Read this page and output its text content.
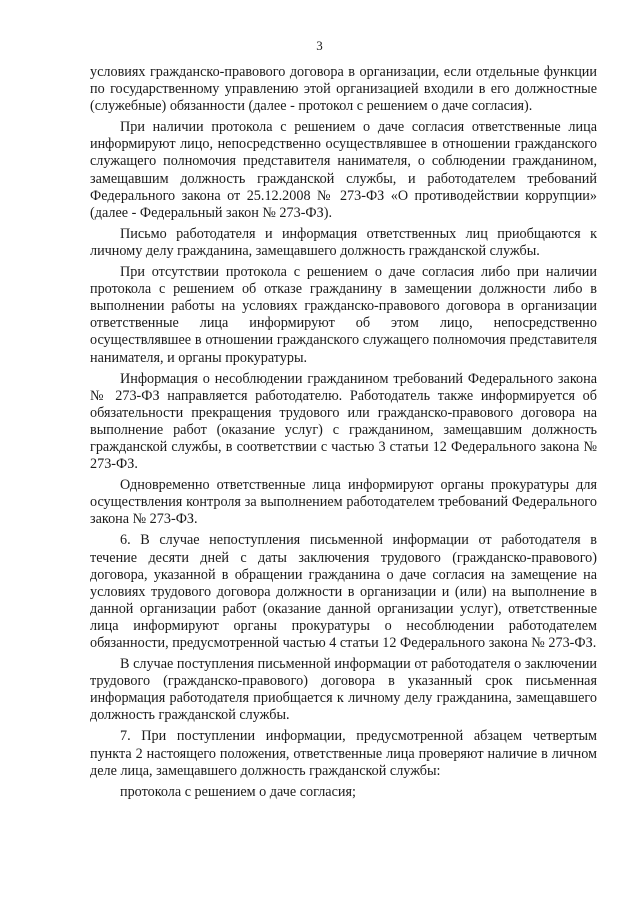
3

условиях гражданско-правового договора в организации, если отдельные функции по государственному управлению этой организацией входили в его должностные (служебные) обязанности (далее - протокол с решением о даче согласия).

При наличии протокола с решением о даче согласия ответственные лица информируют лицо, непосредственно осуществлявшее в отношении гражданского служащего полномочия представителя нанимателя, о соблюдении гражданином, замещавшим должность гражданской службы, и работодателем требований Федерального закона от 25.12.2008 № 273-ФЗ «О противодействии коррупции» (далее - Федеральный закон № 273-ФЗ).

Письмо работодателя и информация ответственных лиц приобщаются к личному делу гражданина, замещавшего должность гражданской службы.

При отсутствии протокола с решением о даче согласия либо при наличии протокола с решением об отказе гражданину в замещении должности либо в выполнении работы на условиях гражданско-правового договора в организации ответственные лица информируют об этом лицо, непосредственно осуществлявшее в отношении гражданского служащего полномочия представителя нанимателя, и органы прокуратуры.

Информация о несоблюдении гражданином требований Федерального закона № 273-ФЗ направляется работодателю. Работодатель также информируется об обязательности прекращения трудового или гражданско-правового договора на выполнение работ (оказание услуг) с гражданином, замещавшим должность гражданской службы, в соответствии с частью 3 статьи 12 Федерального закона № 273-ФЗ.

Одновременно ответственные лица информируют органы прокуратуры для осуществления контроля за выполнением работодателем требований Федерального закона № 273-ФЗ.

6. В случае непоступления письменной информации от работодателя в течение десяти дней с даты заключения трудового (гражданско-правового) договора, указанной в обращении гражданина о даче согласия на замещение на условиях трудового договора должности в организации и (или) на выполнение в данной организации работ (оказание данной организации услуг), ответственные лица информируют органы прокуратуры о несоблюдении работодателем обязанности, предусмотренной частью 4 статьи 12 Федерального закона № 273-ФЗ.

В случае поступления письменной информации от работодателя о заключении трудового (гражданско-правового) договора в указанный срок письменная информация работодателя приобщается к личному делу гражданина, замещавшего должность гражданской службы.

7. При поступлении информации, предусмотренной абзацем четвертым пункта 2 настоящего положения, ответственные лица проверяют наличие в личном деле лица, замещавшего должность гражданской службы:

протокола с решением о даче согласия;
